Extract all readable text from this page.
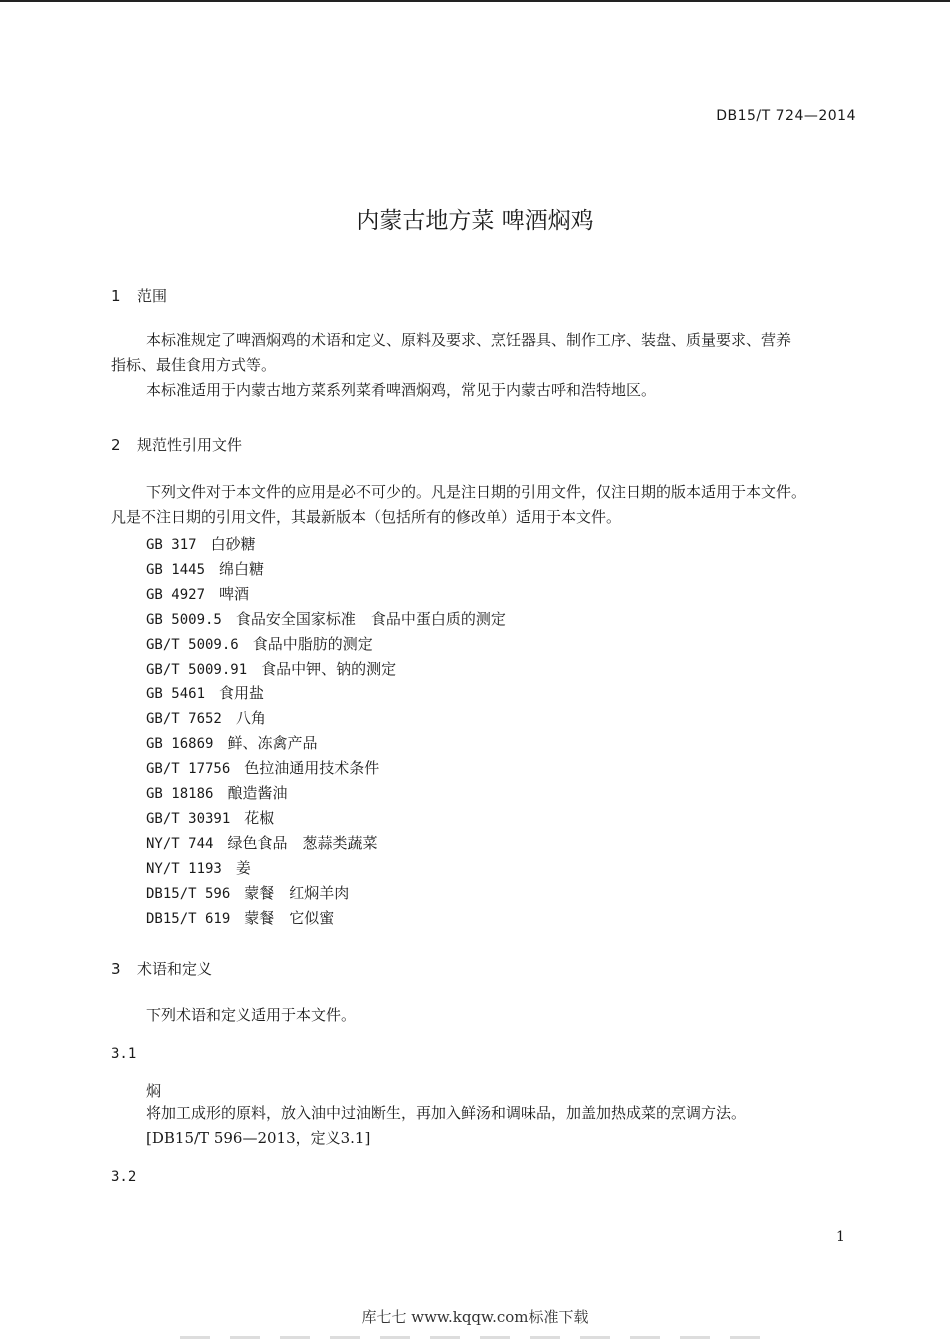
DB15/T 724—2014
内蒙古地方菜 啤酒焖鸡
1 范围
本标准规定了啤酒焖鸡的术语和定义、原料及要求、烹饪器具、制作工序、装盘、质量要求、营养
指标、最佳食用方式等。
本标准适用于内蒙古地方菜系列菜肴啤酒焖鸡，常见于内蒙古呼和浩特地区。
2 规范性引用文件
下列文件对于本文件的应用是必不可少的。凡是注日期的引用文件，仅注日期的版本适用于本文件。
凡是不注日期的引用文件，其最新版本（包括所有的修改单）适用于本文件。
GB 317 白砂糖
GB 1445 绵白糖
GB 4927 啤酒
GB 5009.5 食品安全国家标准　食品中蛋白质的测定
GB/T 5009.6 食品中脂肪的测定
GB/T 5009.91 食品中钾、钠的测定
GB 5461 食用盐
GB/T 7652 八角
GB 16869 鲜、冻禽产品
GB/T 17756 色拉油通用技术条件
GB 18186 酿造酱油
GB/T 30391 花椒
NY/T 744 绿色食品　葱蒜类蔬菜
NY/T 1193 姜
DB15/T 596 蒙餐　红焖羊肉
DB15/T 619 蒙餐　它似蜜
3 术语和定义
下列术语和定义适用于本文件。
3.1
焖
将加工成形的原料，放入油中过油断生，再加入鲜汤和调味品，加盖加热成菜的烹调方法。
[DB15/T 596—2013，定义3.1]
3.2
1
库七七 www.kqqw.com标准下载
